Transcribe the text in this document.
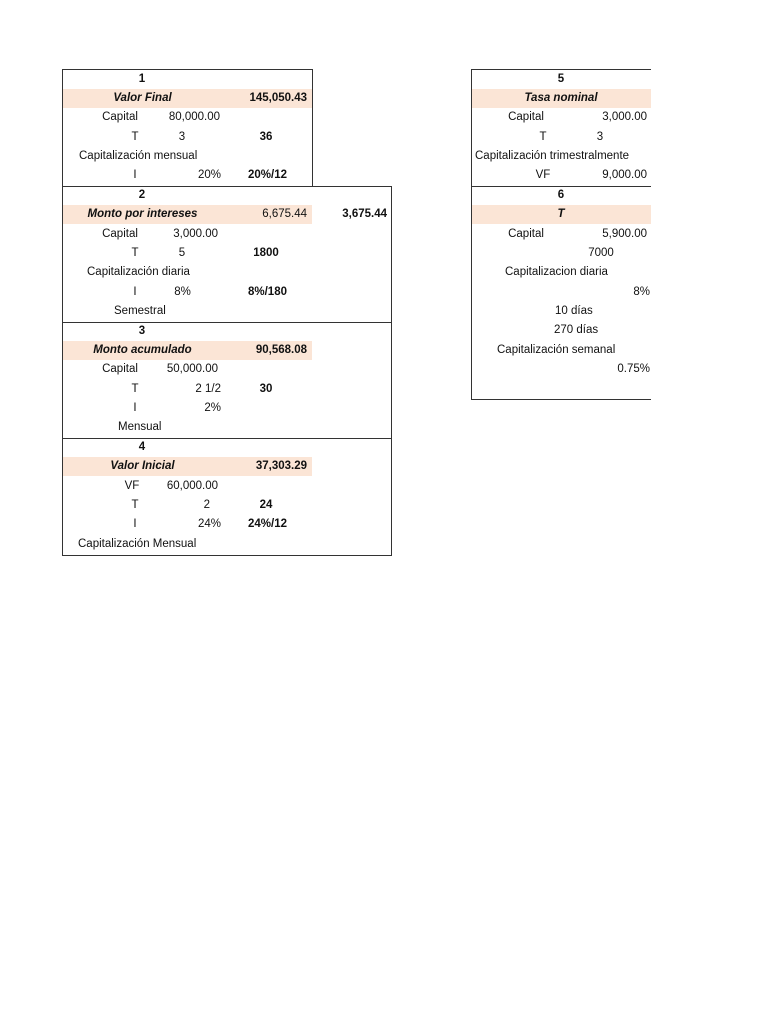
1
Valor Final	145,050.43
Capital	80,000.00
T	3	36
Capitalización mensual
I	20%	20%/12
2
Monto por intereses	6,675.44	3,675.44
Capital	3,000.00
T	5	1800
Capitalización diaria
I	8%	8%/180
Semestral
3
Monto acumulado	90,568.08
Capital	50,000.00
T	2 1/2	30
I	2%
Mensual
4
Valor Inicial	37,303.29
VF	60,000.00
T	2	24
I	24%	24%/12
Capitalización Mensual
5
Tasa nominal
Capital	3,000.00
T	3
Capitalización trimestralmente
VF	9,000.00
6
T
Capital	5,900.00
7000
Capitalizacion diaria
8%
10 días
270 días
Capitalización semanal
0.75%
